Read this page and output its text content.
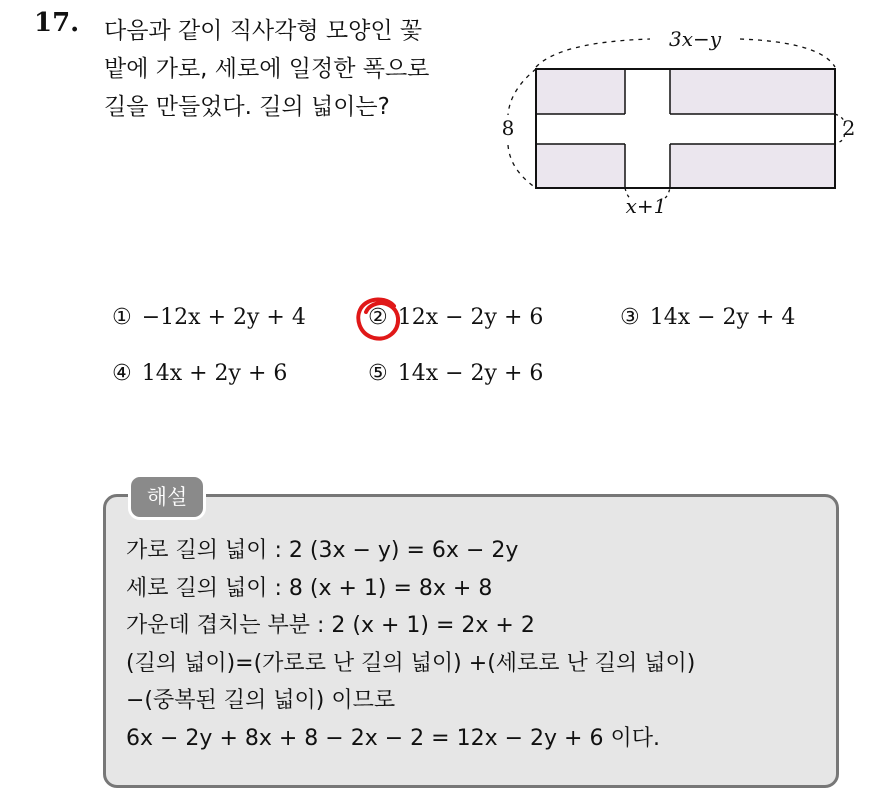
17. 다음과 같이 직사각형 모양인 꽃
밭에 가로, 세로에 일정한 폭으로
길을 만들었다. 길의 넓이는?
3x−y
8	2
x+1
① −12x + 2y + 4	② 12x − 2y + 6	③ 14x − 2y + 4
④ 14x + 2y + 6	⑤ 14x − 2y + 6
해설
가로 길의 넓이 : 2 (3x − y) = 6x − 2y
세로 길의 넓이 : 8 (x + 1) = 8x + 8
가운데 겹치는 부분 : 2 (x + 1) = 2x + 2
(길의 넓이)=(가로로 난 길의 넓이) +(세로로 난 길의 넓이)
−(중복된 길의 넓이) 이므로
6x − 2y + 8x + 8 − 2x − 2 = 12x − 2y + 6 이다.
